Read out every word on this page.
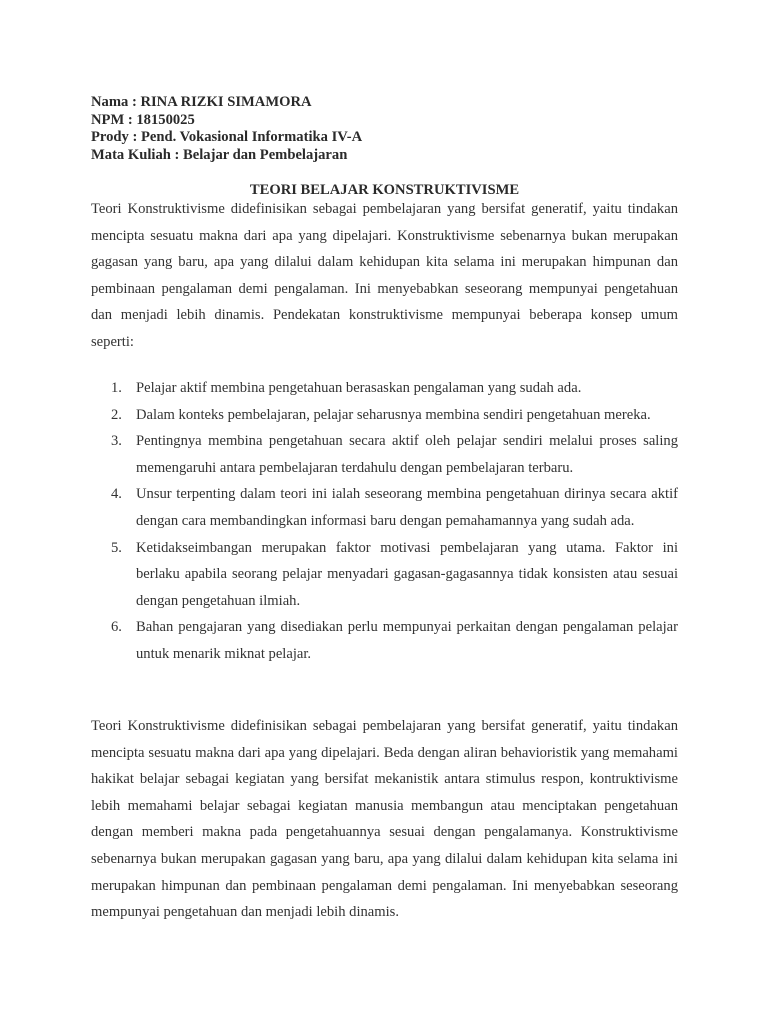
Nama : RINA RIZKI SIMAMORA
NPM : 18150025
Prody : Pend. Vokasional Informatika IV-A
Mata Kuliah : Belajar dan Pembelajaran
TEORI BELAJAR KONSTRUKTIVISME

Teori Konstruktivisme didefinisikan sebagai pembelajaran yang bersifat generatif, yaitu tindakan mencipta sesuatu makna dari apa yang dipelajari. Konstruktivisme sebenarnya bukan merupakan gagasan yang baru, apa yang dilalui dalam kehidupan kita selama ini merupakan himpunan dan pembinaan pengalaman demi pengalaman. Ini menyebabkan seseorang mempunyai pengetahuan dan menjadi lebih dinamis. Pendekatan konstruktivisme mempunyai beberapa konsep umum seperti:

1. Pelajar aktif membina pengetahuan berasaskan pengalaman yang sudah ada.
2. Dalam konteks pembelajaran, pelajar seharusnya membina sendiri pengetahuan mereka.
3. Pentingnya membina pengetahuan secara aktif oleh pelajar sendiri melalui proses saling memengaruhi antara pembelajaran terdahulu dengan pembelajaran terbaru.
4. Unsur terpenting dalam teori ini ialah seseorang membina pengetahuan dirinya secara aktif dengan cara membandingkan informasi baru dengan pemahamannya yang sudah ada.
5. Ketidakseimbangan merupakan faktor motivasi pembelajaran yang utama. Faktor ini berlaku apabila seorang pelajar menyadari gagasan-gagasannya tidak konsisten atau sesuai dengan pengetahuan ilmiah.
6. Bahan pengajaran yang disediakan perlu mempunyai perkaitan dengan pengalaman pelajar untuk menarik miknat pelajar.

Teori Konstruktivisme didefinisikan sebagai pembelajaran yang bersifat generatif, yaitu tindakan mencipta sesuatu makna dari apa yang dipelajari. Beda dengan aliran behavioristik yang memahami hakikat belajar sebagai kegiatan yang bersifat mekanistik antara stimulus respon, kontruktivisme lebih memahami belajar sebagai kegiatan manusia membangun atau menciptakan pengetahuan dengan memberi makna pada pengetahuannya sesuai dengan pengalamanya. Konstruktivisme sebenarnya bukan merupakan gagasan yang baru, apa yang dilalui dalam kehidupan kita selama ini merupakan himpunan dan pembinaan pengalaman demi pengalaman. Ini menyebabkan seseorang mempunyai pengetahuan dan menjadi lebih dinamis.
